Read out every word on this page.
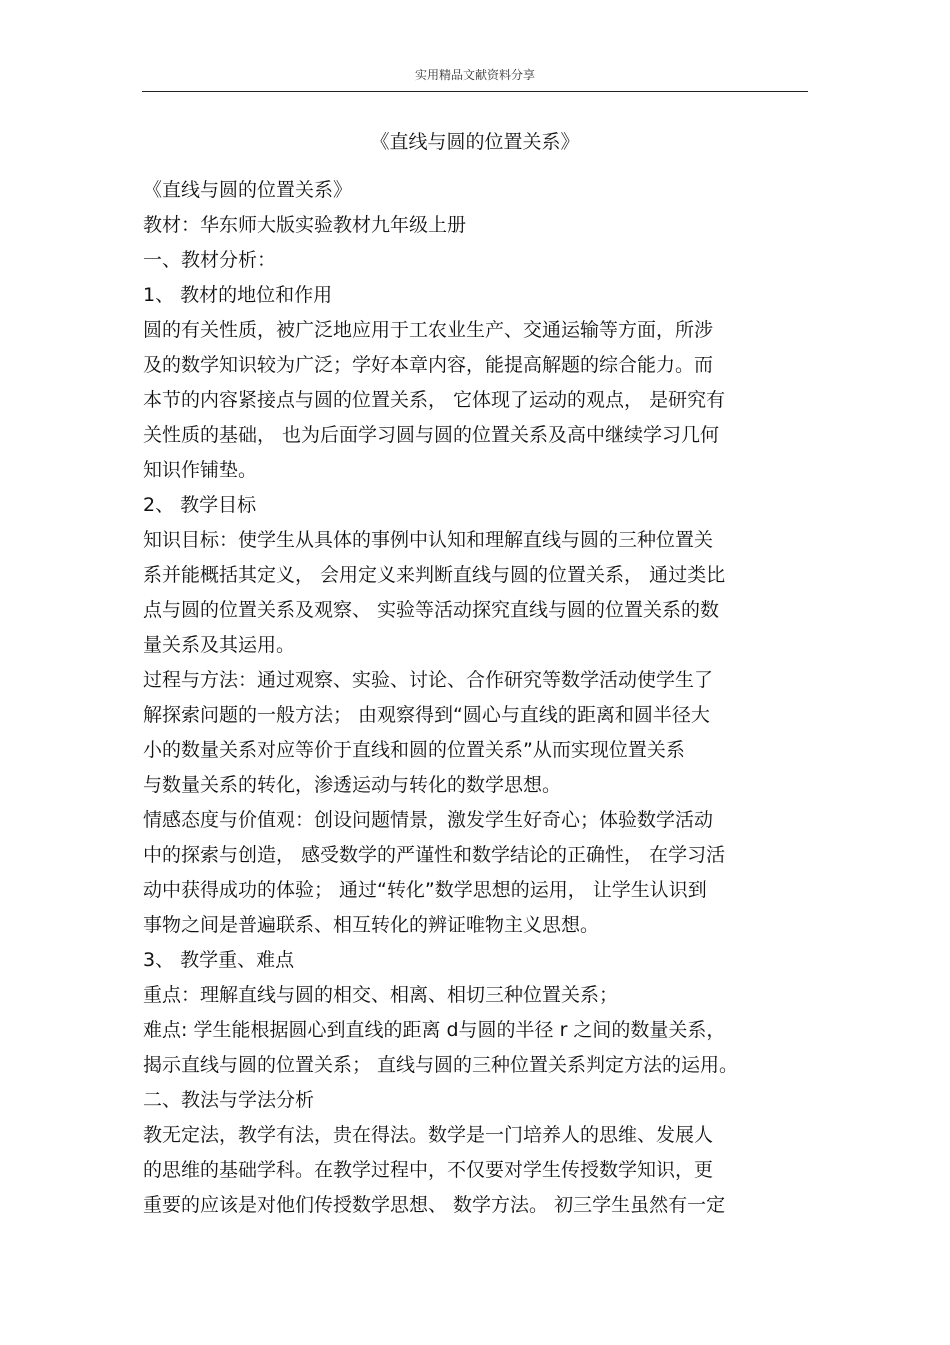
实用精品文献资料分享
《直线与圆的位置关系》
《直线与圆的位置关系》
教材：华东师大版实验教材九年级上册
一、教材分析：
1、 教材的地位和作用
圆的有关性质，被广泛地应用于工农业生产、交通运输等方面，所涉
及的数学知识较为广泛；学好本章内容，能提高解题的综合能力。而
本节的内容紧接点与圆的位置关系， 它体现了运动的观点， 是研究有
关性质的基础， 也为后面学习圆与圆的位置关系及高中继续学习几何
知识作铺垫。
2、 教学目标
知识目标：使学生从具体的事例中认知和理解直线与圆的三种位置关
系并能概括其定义， 会用定义来判断直线与圆的位置关系， 通过类比
点与圆的位置关系及观察、 实验等活动探究直线与圆的位置关系的数
量关系及其运用。
过程与方法：通过观察、实验、讨论、合作研究等数学活动使学生了
解探索问题的一般方法； 由观察得到“圆心与直线的距离和圆半径大
小的数量关系对应等价于直线和圆的位置关系”从而实现位置关系
与数量关系的转化，渗透运动与转化的数学思想。
情感态度与价值观：创设问题情景，激发学生好奇心；体验数学活动
中的探索与创造， 感受数学的严谨性和数学结论的正确性， 在学习活
动中获得成功的体验； 通过“转化”数学思想的运用， 让学生认识到
事物之间是普遍联系、相互转化的辨证唯物主义思想。
3、 教学重、难点
重点：理解直线与圆的相交、相离、相切三种位置关系；
难点: 学生能根据圆心到直线的距离 d与圆的半径 r 之间的数量关系，
揭示直线与圆的位置关系； 直线与圆的三种位置关系判定方法的运用。
二、教法与学法分析
教无定法，教学有法，贵在得法。数学是一门培养人的思维、发展人
的思维的基础学科。在教学过程中，不仅要对学生传授数学知识，更
重要的应该是对他们传授数学思想、 数学方法。 初三学生虽然有一定
